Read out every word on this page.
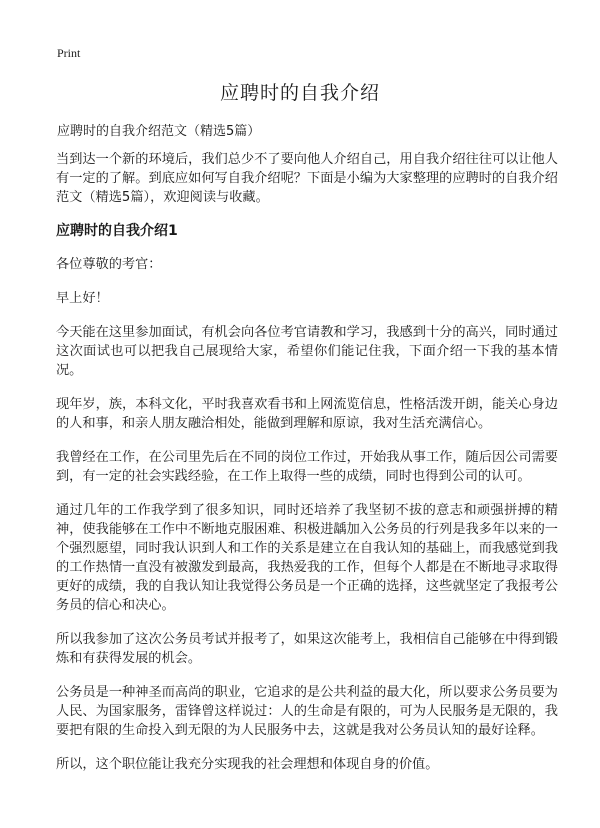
Print
应聘时的自我介绍

应聘时的自我介绍范文（精选5篇）

当到达一个新的环境后，我们总少不了要向他人介绍自己，用自我介绍往往可以让他人有一定的了解。到底应如何写自我介绍呢？下面是小编为大家整理的应聘时的自我介绍范文（精选5篇），欢迎阅读与收藏。

应聘时的自我介绍1

各位尊敬的考官：

早上好！

今天能在这里参加面试，有机会向各位考官请教和学习，我感到十分的高兴，同时通过这次面试也可以把我自己展现给大家，希望你们能记住我，下面介绍一下我的基本情况。

现年岁，族，本科文化，平时我喜欢看书和上网流览信息，性格活泼开朗，能关心身边的人和事，和亲人朋友融洽相处，能做到理解和原谅，我对生活充满信心。

我曾经在工作，在公司里先后在不同的岗位工作过，开始我从事工作，随后因公司需要到，有一定的社会实践经验，在工作上取得一些的成绩，同时也得到公司的认可。

通过几年的工作我学到了很多知识，同时还培养了我坚韧不拔的意志和顽强拼搏的精神，使我能够在工作中不断地克服困难、积极进龋加入公务员的行列是我多年以来的一个强烈愿望，同时我认识到人和工作的关系是建立在自我认知的基础上，而我感觉到我的工作热情一直没有被激发到最高，我热爱我的工作，但每个人都是在不断地寻求取得更好的成绩，我的自我认知让我觉得公务员是一个正确的选择，这些就坚定了我报考公务员的信心和决心。

所以我参加了这次公务员考试并报考了，如果这次能考上，我相信自己能够在中得到锻炼和有获得发展的机会。

公务员是一种神圣而高尚的职业，它追求的是公共利益的最大化，所以要求公务员要为人民、为国家服务，雷锋曾这样说过：人的生命是有限的，可为人民服务是无限的，我要把有限的生命投入到无限的为人民服务中去，这就是我对公务员认知的最好诠释。

所以，这个职位能让我充分实现我的社会理想和体现自身的价值。
